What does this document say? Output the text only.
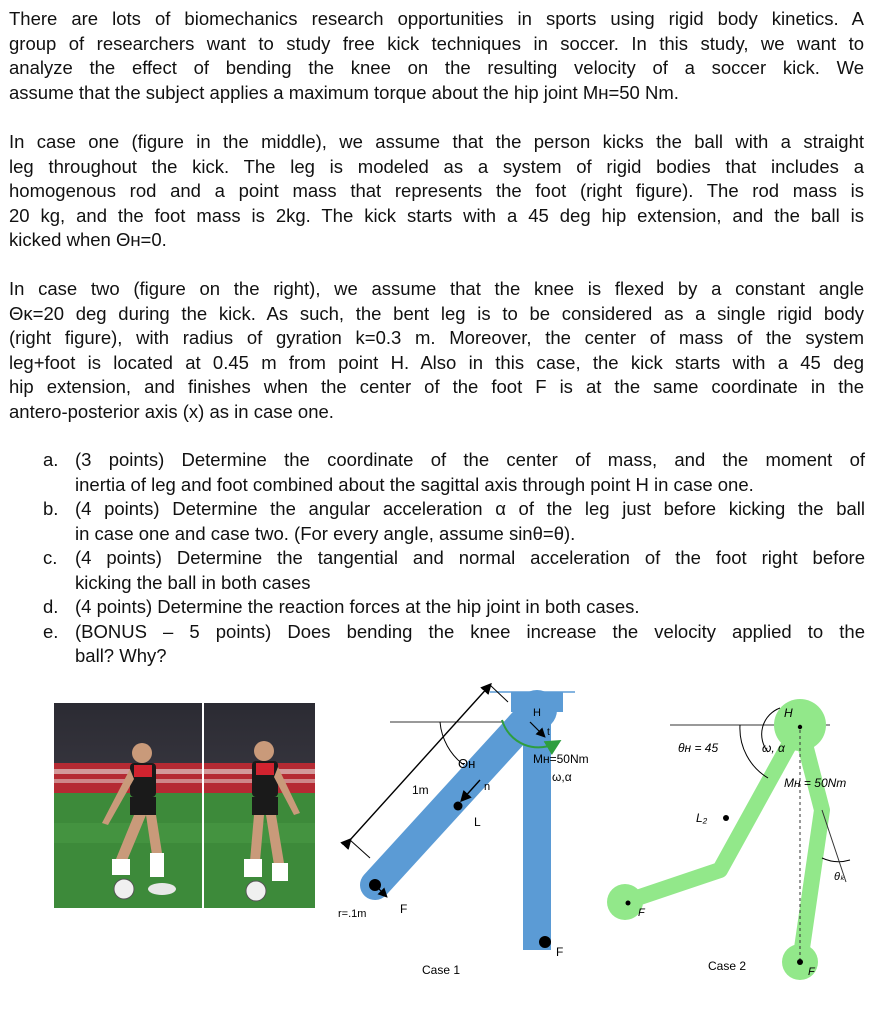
There are lots of biomechanics research opportunities in sports using rigid body kinetics. A
group of researchers want to study free kick techniques in soccer. In this study, we want to
analyze the effect of bending the knee on the resulting velocity of a soccer kick. We
assume that the subject applies a maximum torque about the hip joint Mʜ=50 Nm.
In case one (figure in the middle), we assume that the person kicks the ball with a straight
leg throughout the kick. The leg is modeled as a system of rigid bodies that includes a
homogenous rod and a point mass that represents the foot (right figure). The rod mass is
20 kg, and the foot mass is 2kg. The kick starts with a 45 deg hip extension, and the ball is
kicked when Θʜ=0.
In case two (figure on the right), we assume that the knee is flexed by a constant angle
Θᴋ=20 deg during the kick. As such, the bent leg is to be considered as a single rigid body
(right figure), with radius of gyration k=0.3 m. Moreover, the center of mass of the system
leg+foot is located at 0.45 m from point H. Also in this case, the kick starts with a 45 deg
hip extension, and finishes when the center of the foot F is at the same coordinate in the
antero-posterior axis (x) as in case one.
a. (3 points) Determine the coordinate of the center of mass, and the moment of
inertia of leg and foot combined about the sagittal axis through point H in case one.
b. (4 points) Determine the angular acceleration α of the leg just before kicking the ball
in case one and case two. (For every angle, assume sinθ=θ).
c. (4 points) Determine the tangential and normal acceleration of the foot right before
kicking the ball in both cases
d. (4 points) Determine the reaction forces at the hip joint in both cases.
e. (BONUS – 5 points) Does bending the knee increase the velocity applied to the
ball? Why?
Θʜ
1m	n
t
L
H
Mʜ=50Nm
ω,α
r=.1m	F
F
Case 1
H
θʜ = 45	ω, α
Mʜ = 50Nm
L₂
θₖ
F
F
Case 2
